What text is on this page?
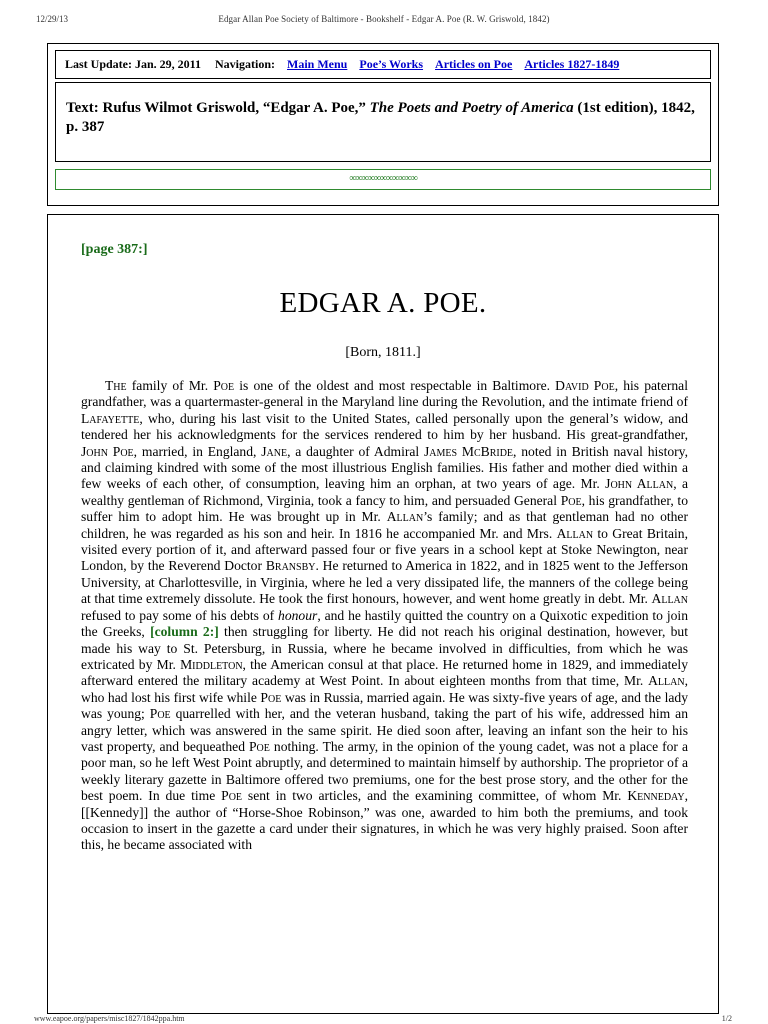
12/29/13	Edgar Allan Poe Society of Baltimore - Bookshelf - Edgar A. Poe (R. W. Griswold, 1842)
Last Update: Jan. 29, 2011 Navigation: Main Menu Poe’s Works Articles on Poe Articles 1827-1849
Text: Rufus Wilmot Griswold, “Edgar A. Poe,” The Poets and Poetry of America (1st edition), 1842, p. 387
∞∞∞∞∞∞∞∞∞∞∞
[page 387:]
EDGAR A. POE.
[Born, 1811.]

The family of Mr. Poe is one of the oldest and most respectable in Baltimore. David Poe, his paternal grandfather, was a quartermaster-general in the Maryland line during the Revolution, and the intimate friend of Lafayette, who, during his last visit to the United States, called personally upon the general’s widow, and tendered her his acknowledgments for the services rendered to him by her husband. His great-grandfather, John Poe, married, in England, Jane, a daughter of Admiral James McBride, noted in British naval history, and claiming kindred with some of the most illustrious English families. His father and mother died within a few weeks of each other, of consumption, leaving him an orphan, at two years of age. Mr. John Allan, a wealthy gentleman of Richmond, Virginia, took a fancy to him, and persuaded General Poe, his grandfather, to suffer him to adopt him. He was brought up in Mr. Allan’s family; and as that gentleman had no other children, he was regarded as his son and heir. In 1816 he accompanied Mr. and Mrs. Allan to Great Britain, visited every portion of it, and afterward passed four or five years in a school kept at Stoke Newington, near London, by the Reverend Doctor Bransby. He returned to America in 1822, and in 1825 went to the Jefferson University, at Charlottesville, in Virginia, where he led a very dissipated life, the manners of the college being at that time extremely dissolute. He took the first honours, however, and went home greatly in debt. Mr. Allan refused to pay some of his debts of honour, and he hastily quitted the country on a Quixotic expedition to join the Greeks, [column 2:] then struggling for liberty. He did not reach his original destination, however, but made his way to St. Petersburg, in Russia, where he became involved in difficulties, from which he was extricated by Mr. Middleton, the American consul at that place. He returned home in 1829, and immediately afterward entered the military academy at West Point. In about eighteen months from that time, Mr. Allan, who had lost his first wife while Poe was in Russia, married again. He was sixty-five years of age, and the lady was young; Poe quarrelled with her, and the veteran husband, taking the part of his wife, addressed him an angry letter, which was answered in the same spirit. He died soon after, leaving an infant son the heir to his vast property, and bequeathed Poe nothing. The army, in the opinion of the young cadet, was not a place for a poor man, so he left West Point abruptly, and determined to maintain himself by authorship. The proprietor of a weekly literary gazette in Baltimore offered two premiums, one for the best prose story, and the other for the best poem. In due time Poe sent in two articles, and the examining committee, of whom Mr. Kenneday, [[Kennedy]] the author of “Horse-Shoe Robinson,” was one, awarded to him both the premiums, and took occasion to insert in the gazette a card under their signatures, in which he was very highly praised. Soon after this, he became associated with

www.eapoe.org/papers/misc1827/1842ppa.htm	1/2
